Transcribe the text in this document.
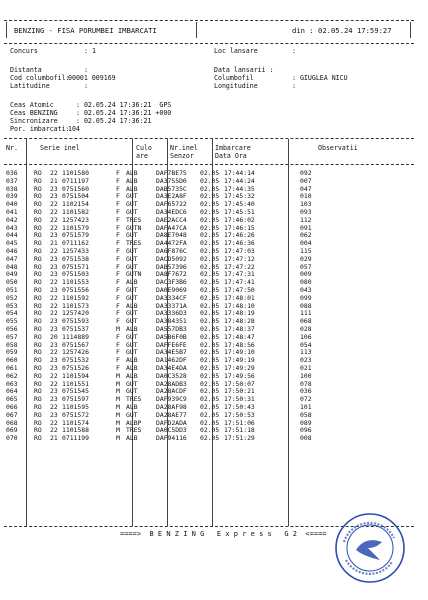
BENZING - FISA PORUMBEI IMBARCATI	din : 02.05.24 17:59:27
Concurs	: 1	Loc lansare	:
Distanta	:	Data lansarii :
Cod columbofil:
00001 009169	Columbofil	: GIUGLEA NICU
Latitudine	:	Longitudine	:
Ceas Atomic	: 02.05.24 17:36:21  GPS
Ceas BENZING	: 02.05.24 17:36:21 +000
Sincronizare	: 02.05.24 17:36:21
Por. imbarcati:
104
Nr.	Serie inel	Culo
are
Nr.inel
Senzor
Imbarcare
Data Ora
Observatii
036	RO	22	1101580	F	ALB	DAF7BE75	02.05	17:44:14	092
037	RO	21	0711197	F	ALB	DA3755D0	02.05	17:44:24	007
038	RO	23	0751560	F	ALB	DAB5735C	02.05	17:44:35	047
039	RO	23	0751504	F	GUT	DA3E2A8F	02.05	17:45:32	010
040	RO	22	1102154	F	GUT	DAF65722	02.05	17:45:40	103
041	RO	22	1101582	F	GUT	DA34EDC6	02.05	17:45:51	093
042	RO	22	1257423	F	TRES	DAE2ACC4	02.05	17:46:02	112
043	RO	22	1101579	F	GUTN	DAFA47CA	02.05	17:46:15	091
044	RO	23	0751579	F	GUT	DA8E7048	02.05	17:46:26	062
045	RO	21	0711162	F	TRES	DA4472FA	02.05	17:46:36	004
046	RO	22	1257433	F	GUT	DA6F876C	02.05	17:47:03	115
047	RO	23	0751538	F	GUT	DACD5092	02.05	17:47:12	029
048	RO	23	0751571	F	GUT	DAB57396	02.05	17:47:22	057
049	RO	23	0751503	F	GUTN	DA8F7672	02.05	17:47:31	009
050	RO	22	1101553	F	ALB	DAC3F3B6	02.05	17:47:41	080
051	RO	23	0751556	F	GUT	DA0E9069	02.05	17:47:50	043
052	RO	22	1101592	F	GUT	DA3334CF	02.05	17:48:01	099
053	RO	22	1101573	F	ALB	DA33371A	02.05	17:48:10	088
054	RO	22	1257420	F	GUT	DA3336D3	02.05	17:48:19	111
055	RO	23	0751593	F	GUT	DA384351	02.05	17:48:28	068
056	RO	23	0751537	M	ALB	DA557DB3	02.05	17:48:37	028
057	RO	20	1114889	F	GUT	DA5B6F0B	02.05	17:48:47	106
058	RO	23	0751567	F	GUT	DAFFE6FE	02.05	17:48:56	054
059	RO	22	1257426	F	GUT	DA34E5B7	02.05	17:49:10	113
060	RO	23	0751532	F	ALB	DA1462DF	02.05	17:49:19	023
061	RO	23	0751526	F	ALB	DA34E4DA	02.05	17:49:29	021
062	RO	22	1101594	M	ALB	DA0C3528	02.05	17:49:56	100
063	RO	22	1101551	M	GUT	DA28ADB3	02.05	17:50:07	078
064	RO	23	0751545	M	GUT	DA28ACDF	02.05	17:50:21	036
065	RO	23	0751597	M	TRES	DAF939C9	02.05	17:50:31	072
066	RO	22	1101595	M	ALB	DA28AF98	02.05	17:50:43	101
067	RO	23	0751572	M	GUT	DA28AE77	02.05	17:50:53	058
068	RO	22	1101574	M	ALBP	DAFD2ADA	02.05	17:51:06	089
069	RO	22	1101588	M	TRES	DA0C5DD3	02.05	17:51:18	096
070	RO	21	0711199	M	ALB	DAF94116	02.05	17:51:29	008
====>  B E N Z I N G   E x p r e s s   G 2  <====
